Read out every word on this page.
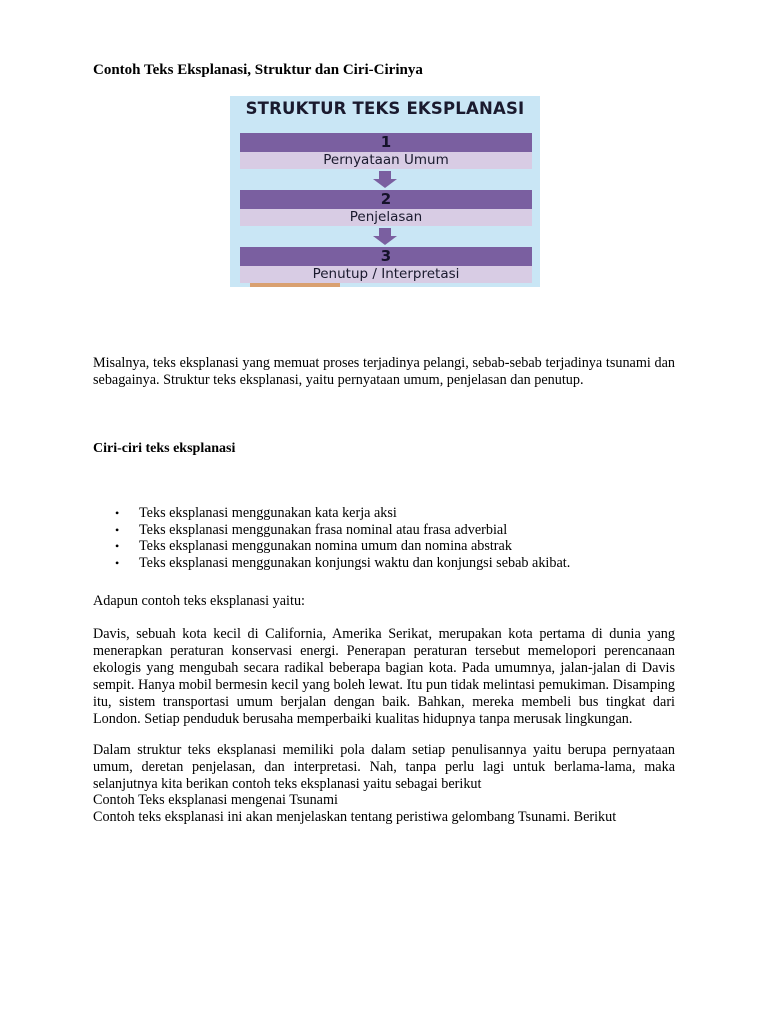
Contoh Teks Eksplanasi, Struktur dan Ciri-Cirinya
STRUKTUR TEKS EKSPLANASI
1
Pernyataan Umum
2
Penjelasan
3
Penutup / Interpretasi

Misalnya, teks eksplanasi yang memuat proses terjadinya pelangi, sebab-sebab terjadinya tsunami dan sebagainya. Struktur teks eksplanasi, yaitu pernyataan umum, penjelasan dan penutup.

Ciri-ciri teks eksplanasi
• Teks eksplanasi menggunakan kata kerja aksi
• Teks eksplanasi menggunakan frasa nominal atau frasa adverbial
• Teks eksplanasi menggunakan nomina umum dan nomina abstrak
• Teks eksplanasi menggunakan konjungsi waktu dan konjungsi sebab akibat.
Adapun contoh teks eksplanasi yaitu:

Davis, sebuah kota kecil di California, Amerika Serikat, merupakan kota pertama di dunia yang menerapkan peraturan konservasi energi. Penerapan peraturan tersebut memelopori perencanaan ekologis yang mengubah secara radikal beberapa bagian kota. Pada umumnya, jalan-jalan di Davis sempit. Hanya mobil bermesin kecil yang boleh lewat. Itu pun tidak melintasi pemukiman. Disamping itu, sistem transportasi umum berjalan dengan baik. Bahkan, mereka membeli bus tingkat dari London. Setiap penduduk berusaha memperbaiki kualitas hidupnya tanpa merusak lingkungan.

Dalam struktur teks eksplanasi memiliki pola dalam setiap penulisannya yaitu berupa pernyataan umum, deretan penjelasan, dan interpretasi. Nah, tanpa perlu lagi untuk berlama-lama, maka selanjutnya kita berikan contoh teks eksplanasi yaitu sebagai berikut

Contoh Teks eksplanasi mengenai Tsunami
Contoh teks eksplanasi ini akan menjelaskan tentang peristiwa gelombang Tsunami. Berikut
